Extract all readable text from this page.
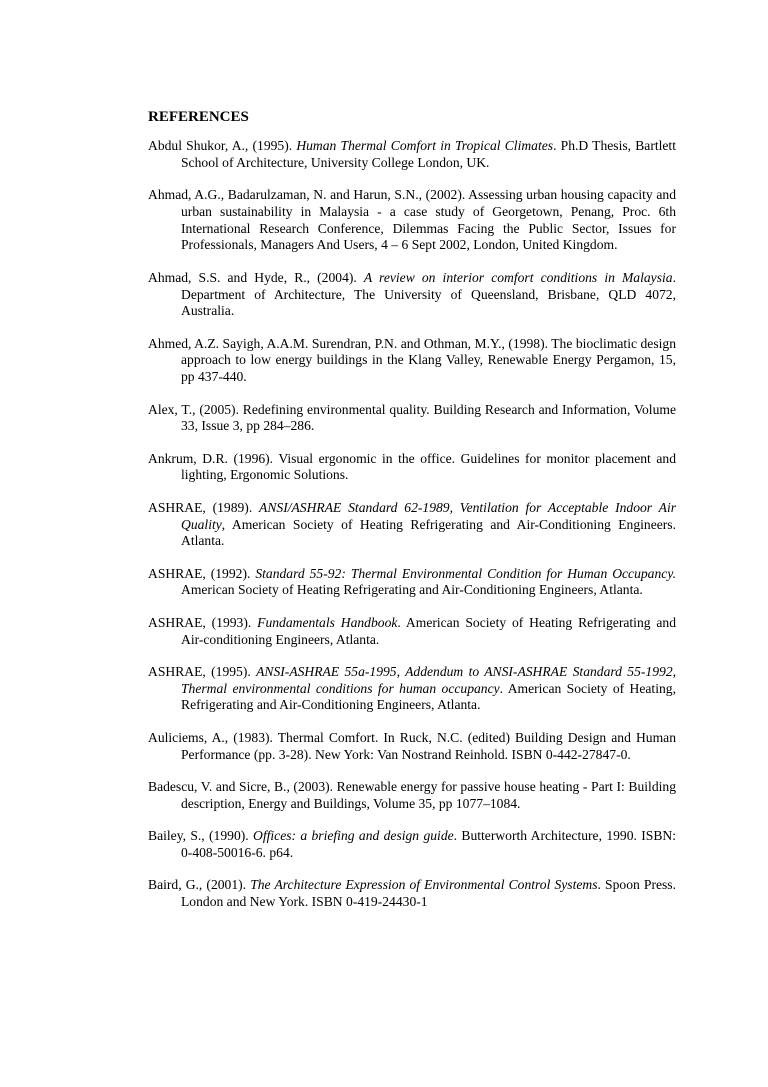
REFERENCES

Abdul Shukor, A., (1995). Human Thermal Comfort in Tropical Climates. Ph.D Thesis, Bartlett School of Architecture, University College London, UK.

Ahmad, A.G., Badarulzaman, N. and Harun, S.N., (2002). Assessing urban housing capacity and urban sustainability in Malaysia - a case study of Georgetown, Penang, Proc. 6th International Research Conference, Dilemmas Facing the Public Sector, Issues for Professionals, Managers And Users, 4 – 6 Sept 2002, London, United Kingdom.

Ahmad, S.S. and Hyde, R., (2004). A review on interior comfort conditions in Malaysia. Department of Architecture, The University of Queensland, Brisbane, QLD 4072, Australia.

Ahmed, A.Z. Sayigh, A.A.M. Surendran, P.N. and Othman, M.Y., (1998). The bioclimatic design approach to low energy buildings in the Klang Valley, Renewable Energy Pergamon, 15, pp 437-440.

Alex, T., (2005). Redefining environmental quality. Building Research and Information, Volume 33, Issue 3, pp 284–286.

Ankrum, D.R. (1996). Visual ergonomic in the office. Guidelines for monitor placement and lighting, Ergonomic Solutions.

ASHRAE, (1989). ANSI/ASHRAE Standard 62-1989, Ventilation for Acceptable Indoor Air Quality, American Society of Heating Refrigerating and Air-Conditioning Engineers. Atlanta.

ASHRAE, (1992). Standard 55-92: Thermal Environmental Condition for Human Occupancy. American Society of Heating Refrigerating and Air-Conditioning Engineers, Atlanta.

ASHRAE, (1993). Fundamentals Handbook. American Society of Heating Refrigerating and Air-conditioning Engineers, Atlanta.

ASHRAE, (1995). ANSI-ASHRAE 55a-1995, Addendum to ANSI-ASHRAE Standard 55-1992, Thermal environmental conditions for human occupancy. American Society of Heating, Refrigerating and Air-Conditioning Engineers, Atlanta.

Auliciems, A., (1983). Thermal Comfort. In Ruck, N.C. (edited) Building Design and Human Performance (pp. 3-28). New York: Van Nostrand Reinhold. ISBN 0-442-27847-0.

Badescu, V. and Sicre, B., (2003). Renewable energy for passive house heating - Part I: Building description, Energy and Buildings, Volume 35, pp 1077–1084.

Bailey, S., (1990). Offices: a briefing and design guide. Butterworth Architecture, 1990. ISBN: 0-408-50016-6. p64.

Baird, G., (2001). The Architecture Expression of Environmental Control Systems. Spoon Press. London and New York. ISBN 0-419-24430-1
